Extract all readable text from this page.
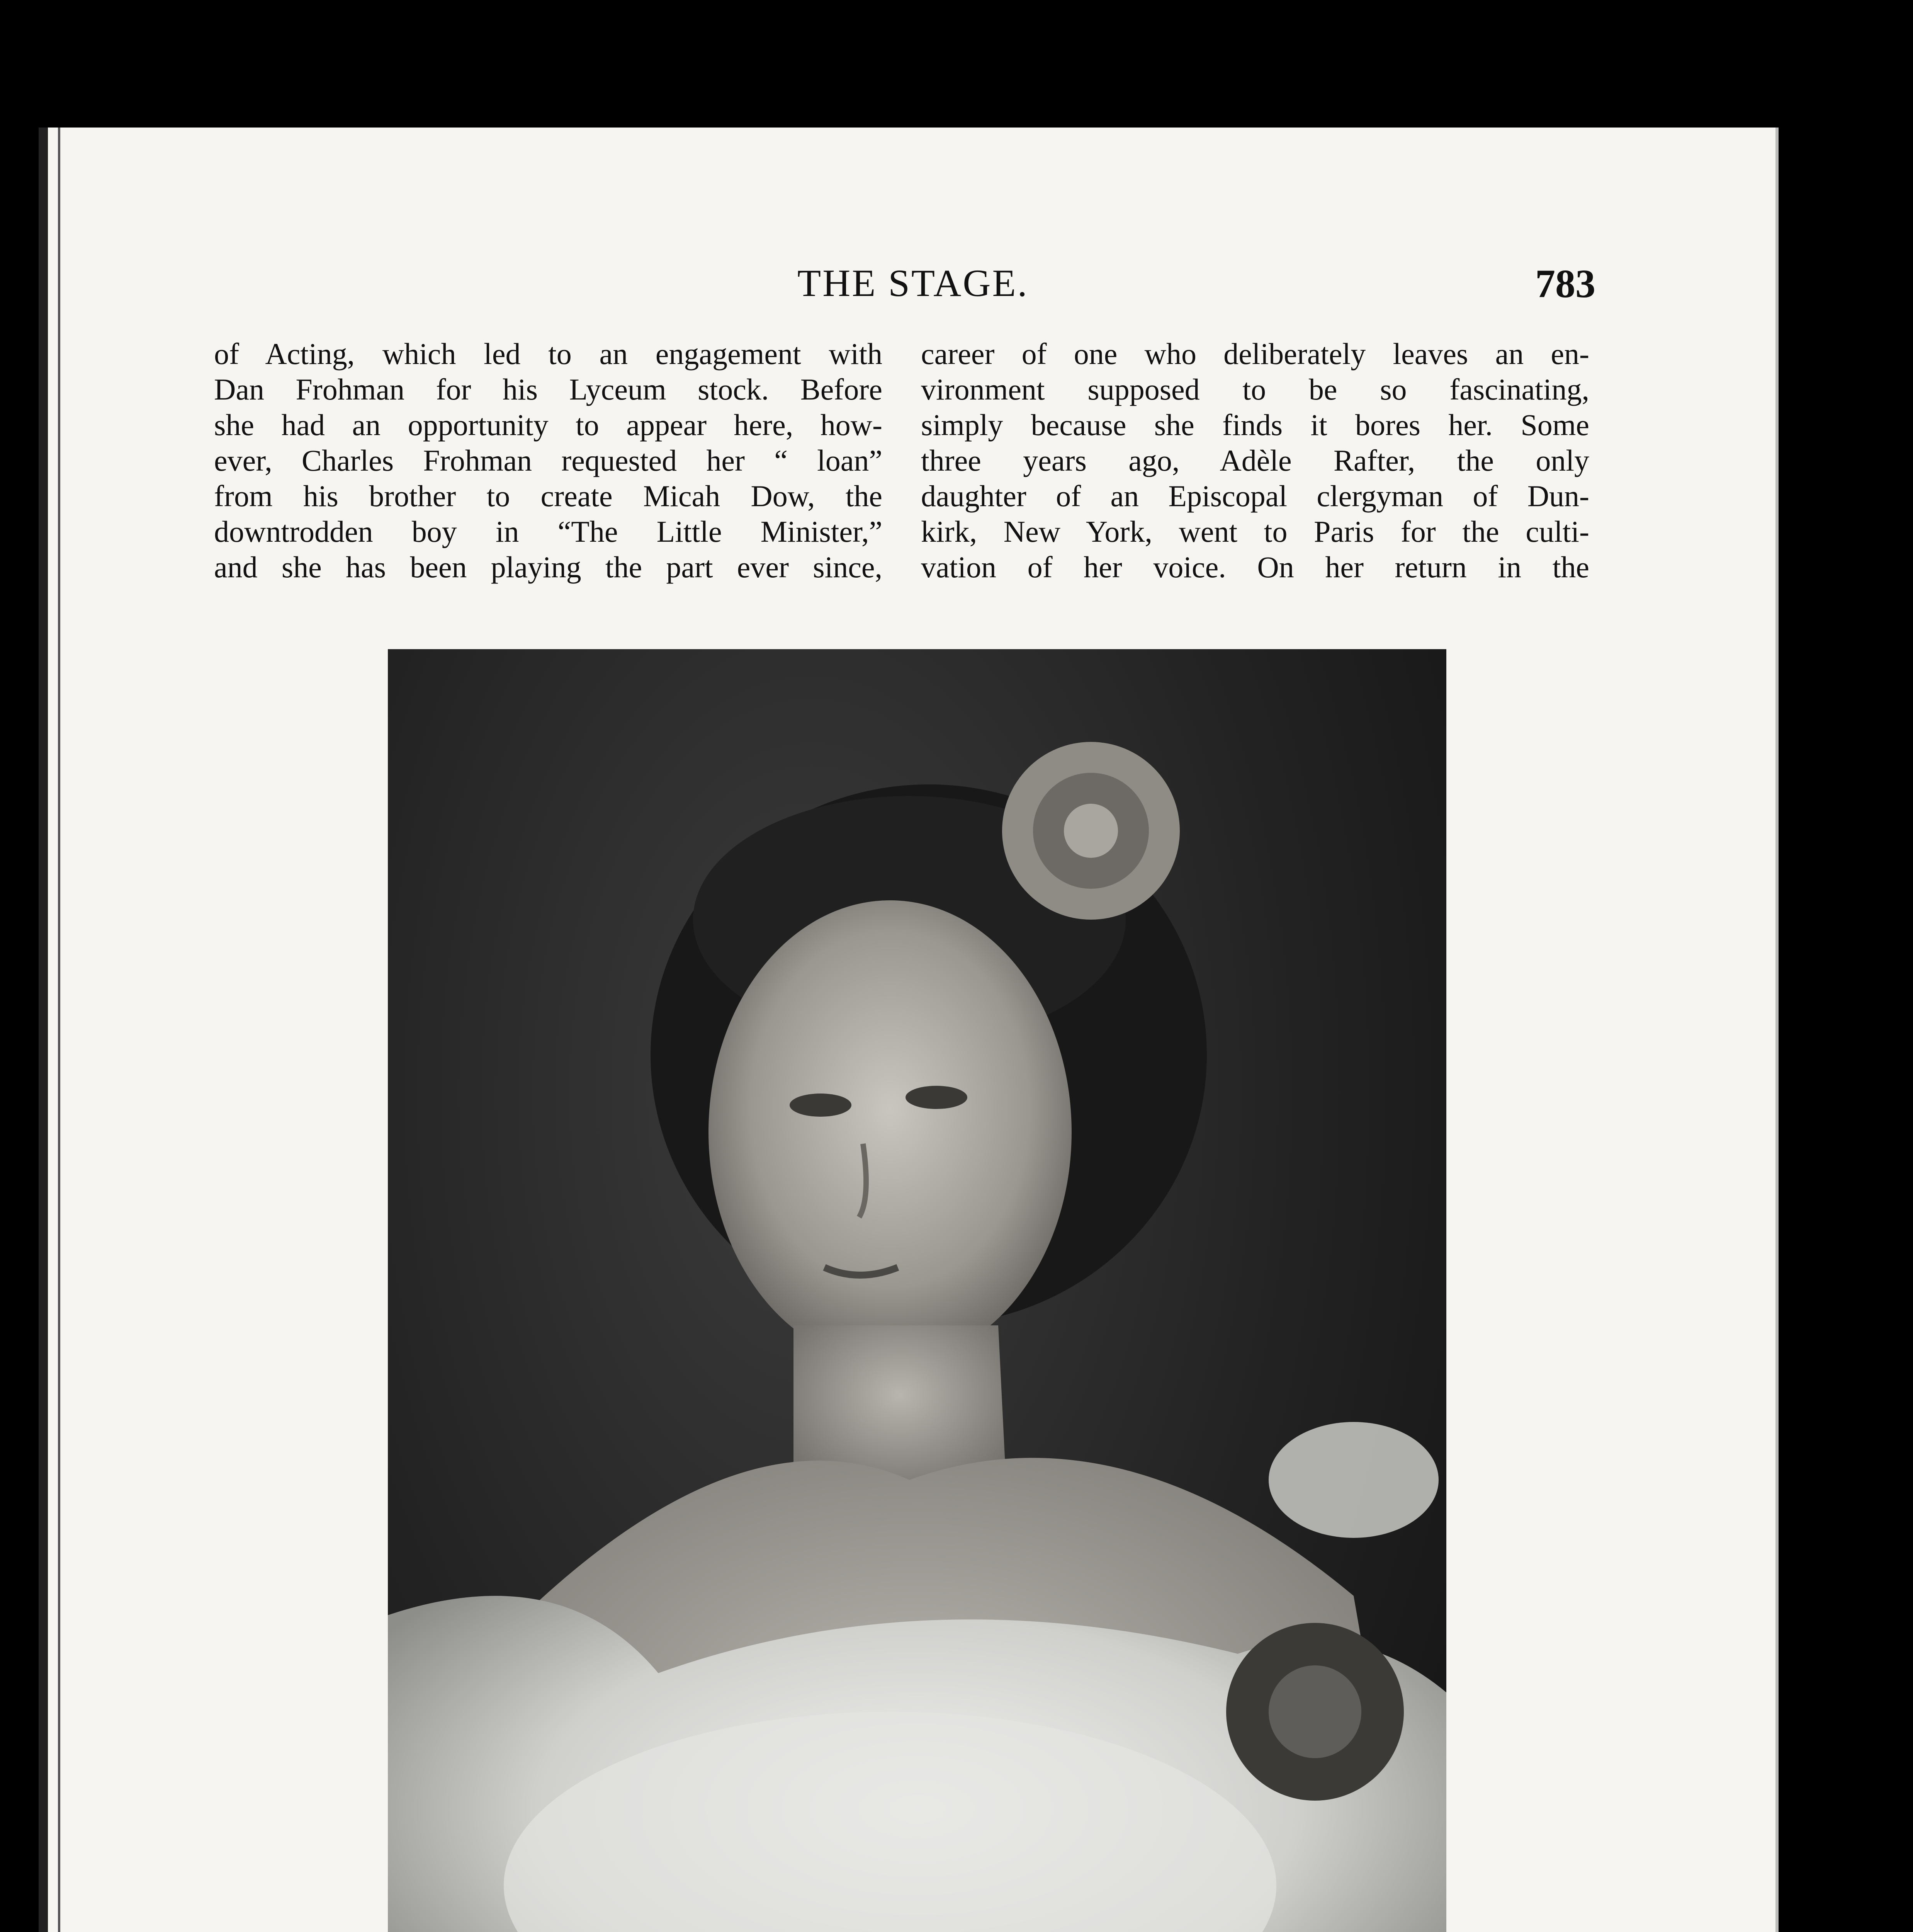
THE STAGE.	783
of Acting, which led to an engagement with
Dan Frohman for his Lyceum stock. Before
she had an opportunity to appear here, how-
ever, Charles Frohman requested her “ loan”
from his brother to create Micah Dow, the
downtrodden boy in “The Little Minister,”
and she has been playing the part ever since,
career of one who deliberately leaves an en-
vironment supposed to be so fascinating,
simply because she finds it bores her. Some
three years ago, Adèle Rafter, the only
daughter of an Episcopal clergyman of Dun-
kirk, New York, went to Paris for the culti-
vation of her voice. On her return in the
